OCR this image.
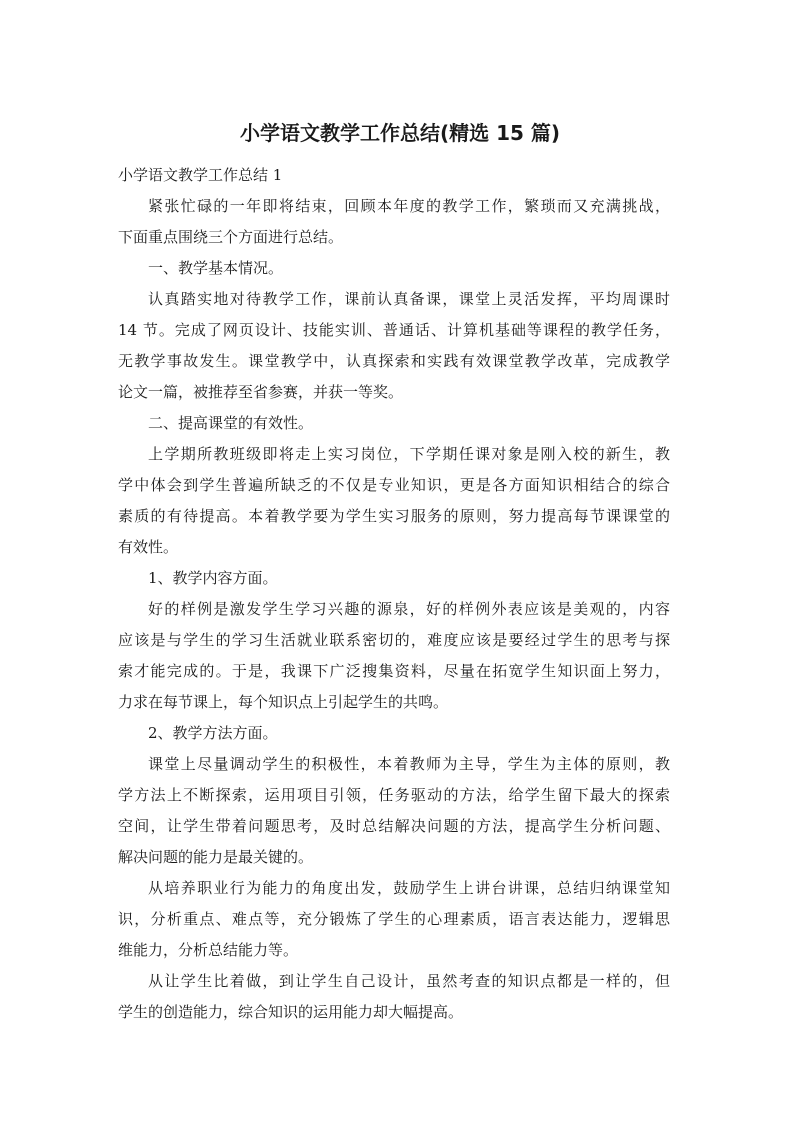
小学语文教学工作总结(精选 15 篇)

小学语文教学工作总结 1

紧张忙碌的一年即将结束，回顾本年度的教学工作，繁琐而又充满挑战，

下面重点围绕三个方面进行总结。

一、教学基本情况。

认真踏实地对待教学工作，课前认真备课，课堂上灵活发挥，平均周课时

14 节。完成了网页设计、技能实训、普通话、计算机基础等课程的教学任务，

无教学事故发生。课堂教学中，认真探索和实践有效课堂教学改革，完成教学

论文一篇，被推荐至省参赛，并获一等奖。

二、提高课堂的有效性。

上学期所教班级即将走上实习岗位，下学期任课对象是刚入校的新生，教

学中体会到学生普遍所缺乏的不仅是专业知识，更是各方面知识相结合的综合

素质的有待提高。本着教学要为学生实习服务的原则，努力提高每节课课堂的

有效性。

1、教学内容方面。

好的样例是激发学生学习兴趣的源泉，好的样例外表应该是美观的，内容

应该是与学生的学习生活就业联系密切的，难度应该是要经过学生的思考与探

索才能完成的。于是，我课下广泛搜集资料，尽量在拓宽学生知识面上努力，

力求在每节课上，每个知识点上引起学生的共鸣。

2、教学方法方面。

课堂上尽量调动学生的积极性，本着教师为主导，学生为主体的原则，教

学方法上不断探索，运用项目引领，任务驱动的方法，给学生留下最大的探索

空间，让学生带着问题思考，及时总结解决问题的方法，提高学生分析问题、

解决问题的能力是最关键的。

从培养职业行为能力的角度出发，鼓励学生上讲台讲课，总结归纳课堂知

识，分析重点、难点等，充分锻炼了学生的心理素质，语言表达能力，逻辑思

维能力，分析总结能力等。

从让学生比着做，到让学生自己设计，虽然考查的知识点都是一样的，但

学生的创造能力，综合知识的运用能力却大幅提高。
